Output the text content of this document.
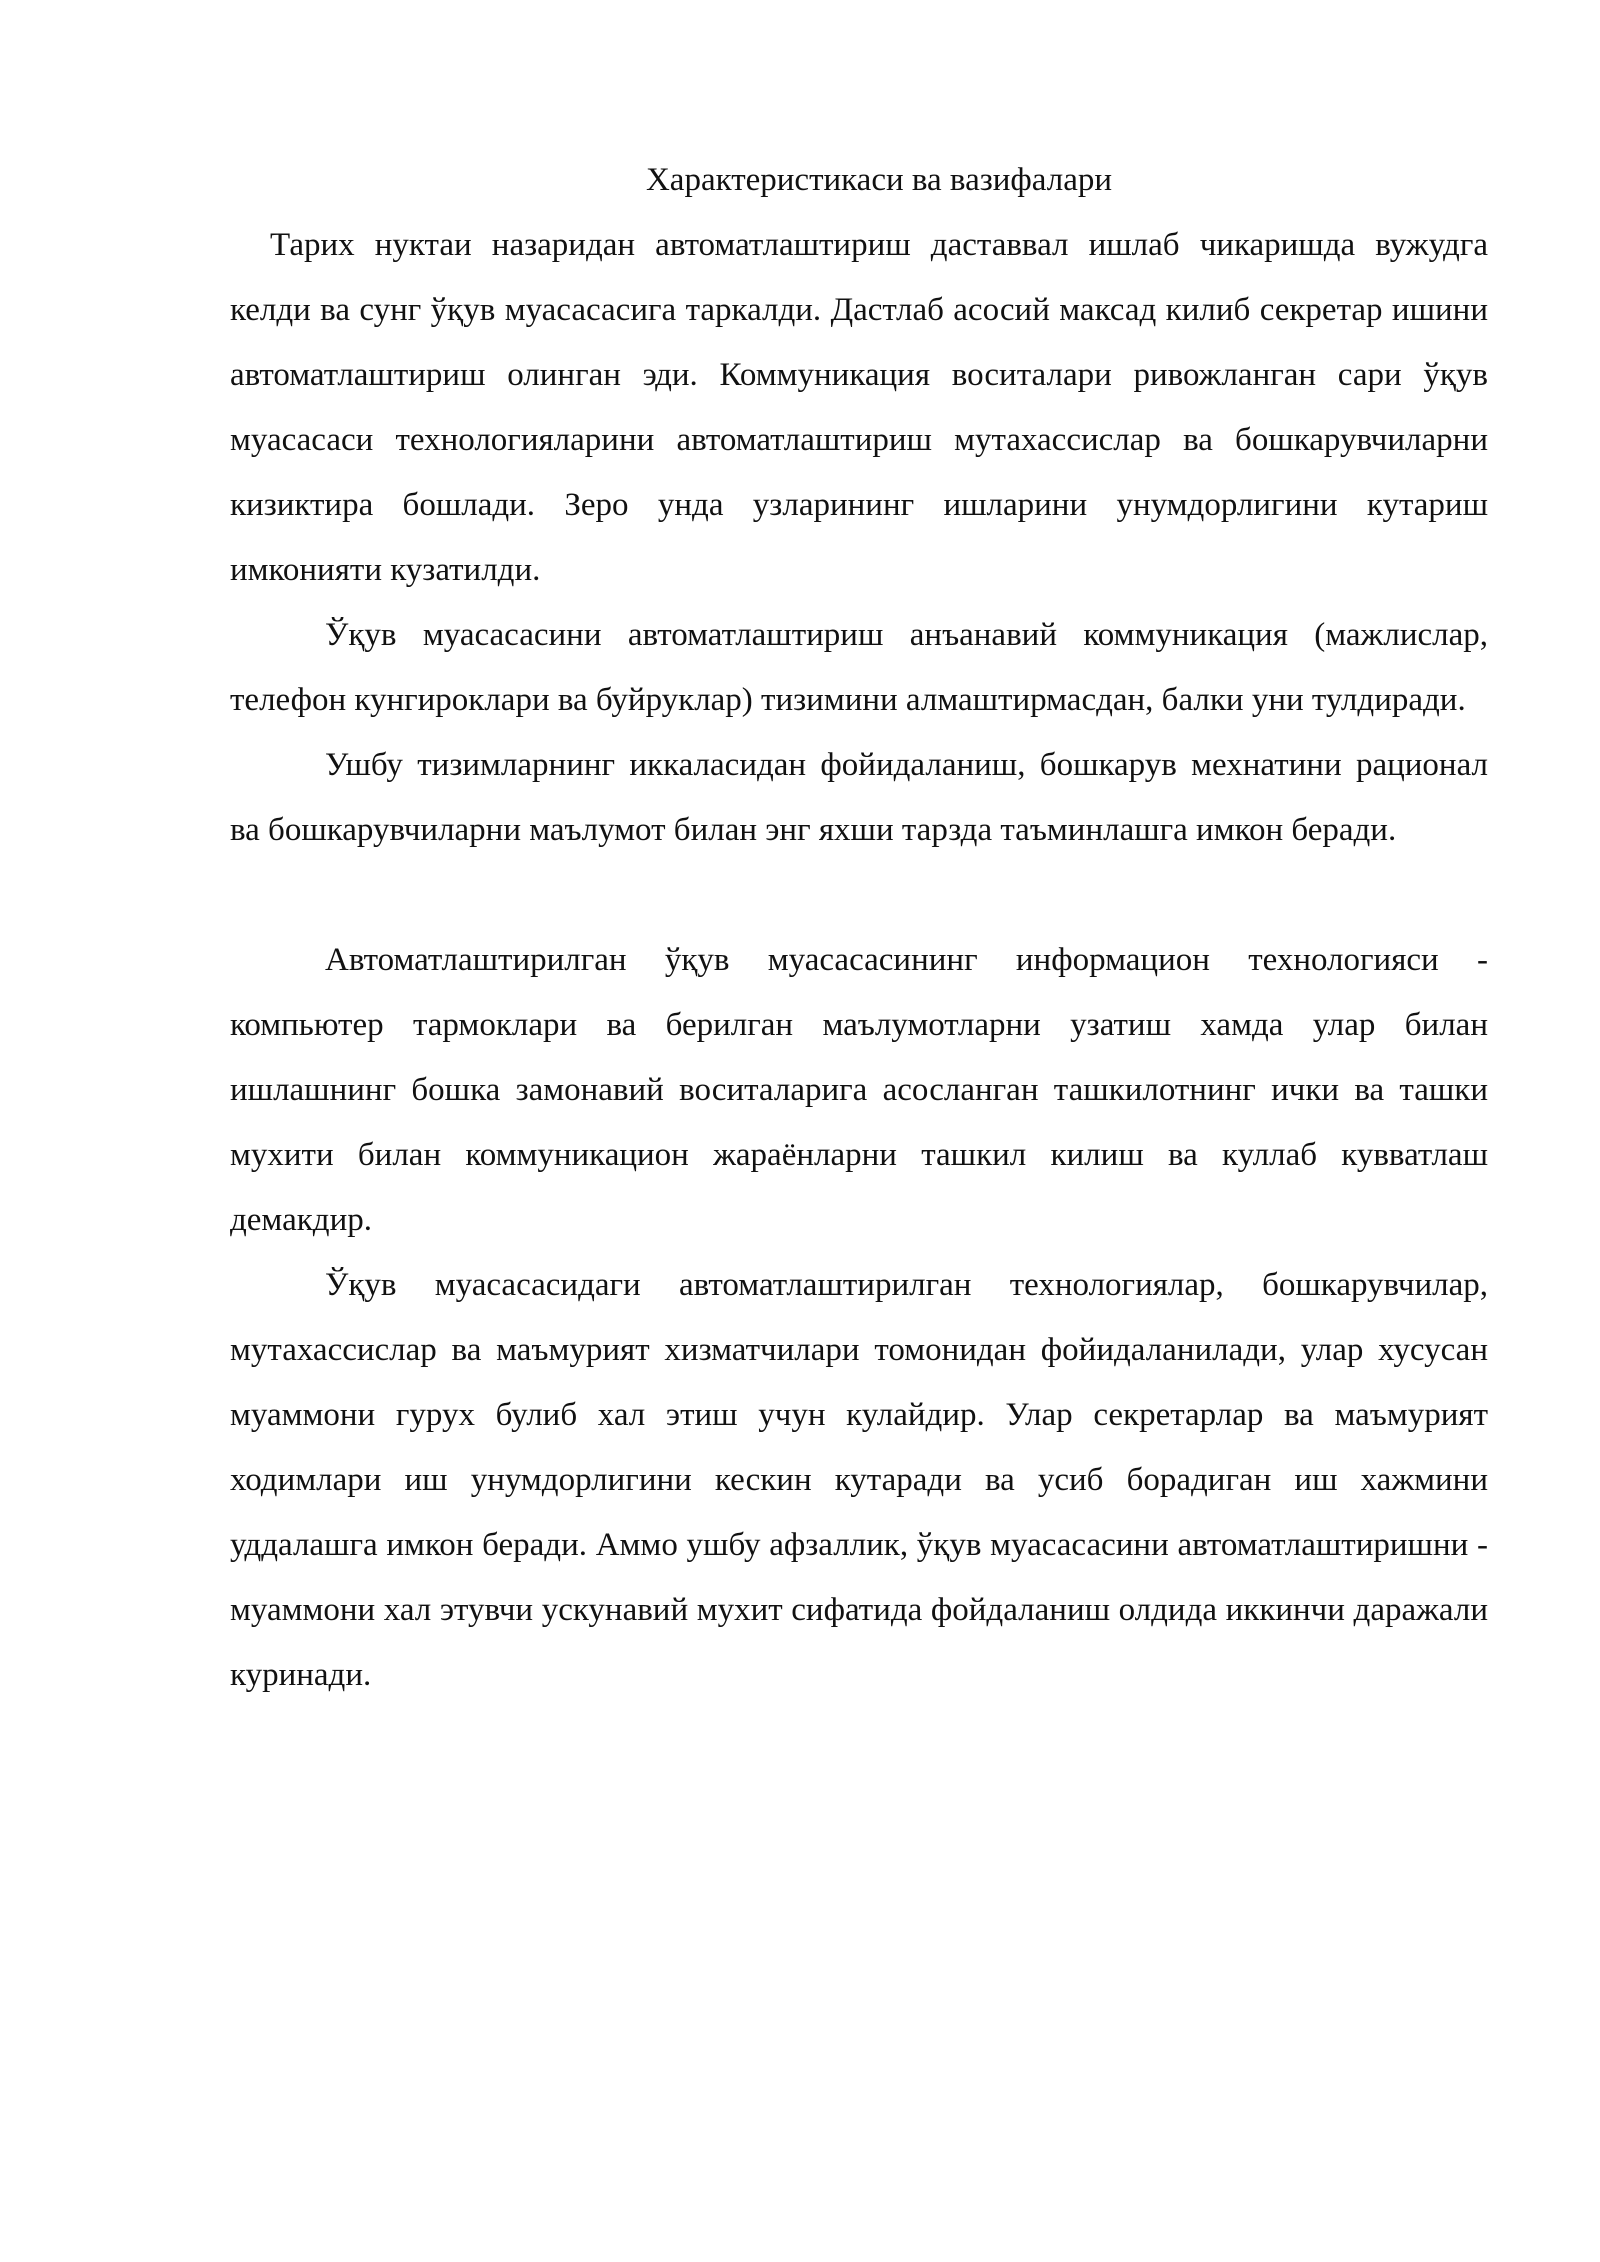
Характеристикаси ва вазифалари

Тарих нуктаи назаридан автоматлаштириш даставвал ишлаб чикаришда вужудга келди ва сунг ўқув муасасасига таркалди. Дастлаб асосий максад килиб секретар ишини автоматлаштириш олинган эди. Коммуникация воситалари ривожланган сари ўқув муасасаси технологияларини автоматлаштириш мутахассислар ва бошкарувчиларни кизиктира бошлади. Зеро унда узларининг ишларини унумдорлигини кутариш имконияти кузатилди.

Ўқув муасасасини автоматлаштириш анъанавий коммуникация (мажлислар, телефон кунгироклари ва буйруклар) тизимини алмаштирмасдан, балки уни тулдиради.

Ушбу тизимларнинг иккаласидан фойидаланиш, бошкарув мехнатини рационал ва бошкарувчиларни маълумот билан энг яхши тарзда таъминлашга имкон беради.

Автоматлаштирилган ўқув муасасасининг информацион технологияси - компьютер тармоклари ва берилган маълумотларни узатиш хамда улар билан ишлашнинг бошка замонавий воситаларига асосланган ташкилотнинг ички ва ташки мухити билан коммуникацион жараёнларни ташкил килиш ва куллаб кувватлаш демакдир.

Ўқув муасасасидаги автоматлаштирилган технологиялар, бошкарувчилар, мутахассислар ва маъмурият хизматчилари томонидан фойидаланилади, улар хусусан муаммони гурух булиб хал этиш учун кулайдир. Улар секретарлар ва маъмурият ходимлари иш унумдорлигини кескин кутаради ва усиб борадиган иш хажмини уддалашга имкон беради. Аммо ушбу афзаллик, ўқув муасасасини автоматлаштиришни - муаммони хал этувчи ускунавий мухит сифатида фойдаланиш олдида иккинчи даражали куринади.
